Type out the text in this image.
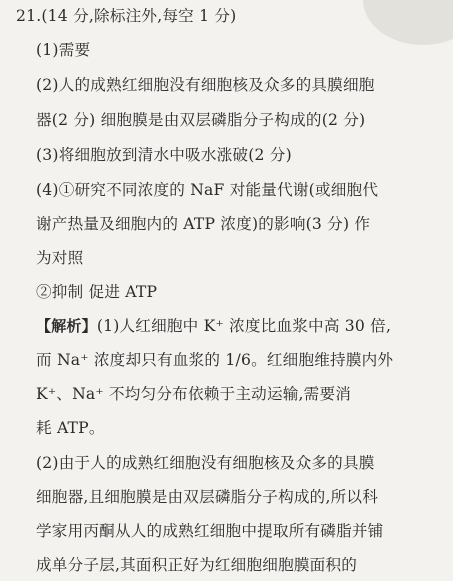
21.(14 分,除标注外,每空 1 分)
(1)需要
(2)人的成熟红细胞没有细胞核及众多的具膜细胞
器(2 分) 细胞膜是由双层磷脂分子构成的(2 分)
(3)将细胞放到清水中吸水涨破(2 分)
(4)①研究不同浓度的 NaF 对能量代谢(或细胞代
谢产热量及细胞内的 ATP 浓度)的影响(3 分) 作
为对照
②抑制 促进 ATP
【解析】(1)人红细胞中 K⁺ 浓度比血浆中高 30 倍,
而 Na⁺ 浓度却只有血浆的 1/6。红细胞维持膜内外
K⁺、Na⁺ 不均匀分布依赖于主动运输,需要消
耗 ATP。
(2)由于人的成熟红细胞没有细胞核及众多的具膜
细胞器,且细胞膜是由双层磷脂分子构成的,所以科
学家用丙酮从人的成熟红细胞中提取所有磷脂并铺
成单分子层,其面积正好为红细胞细胞膜面积的
